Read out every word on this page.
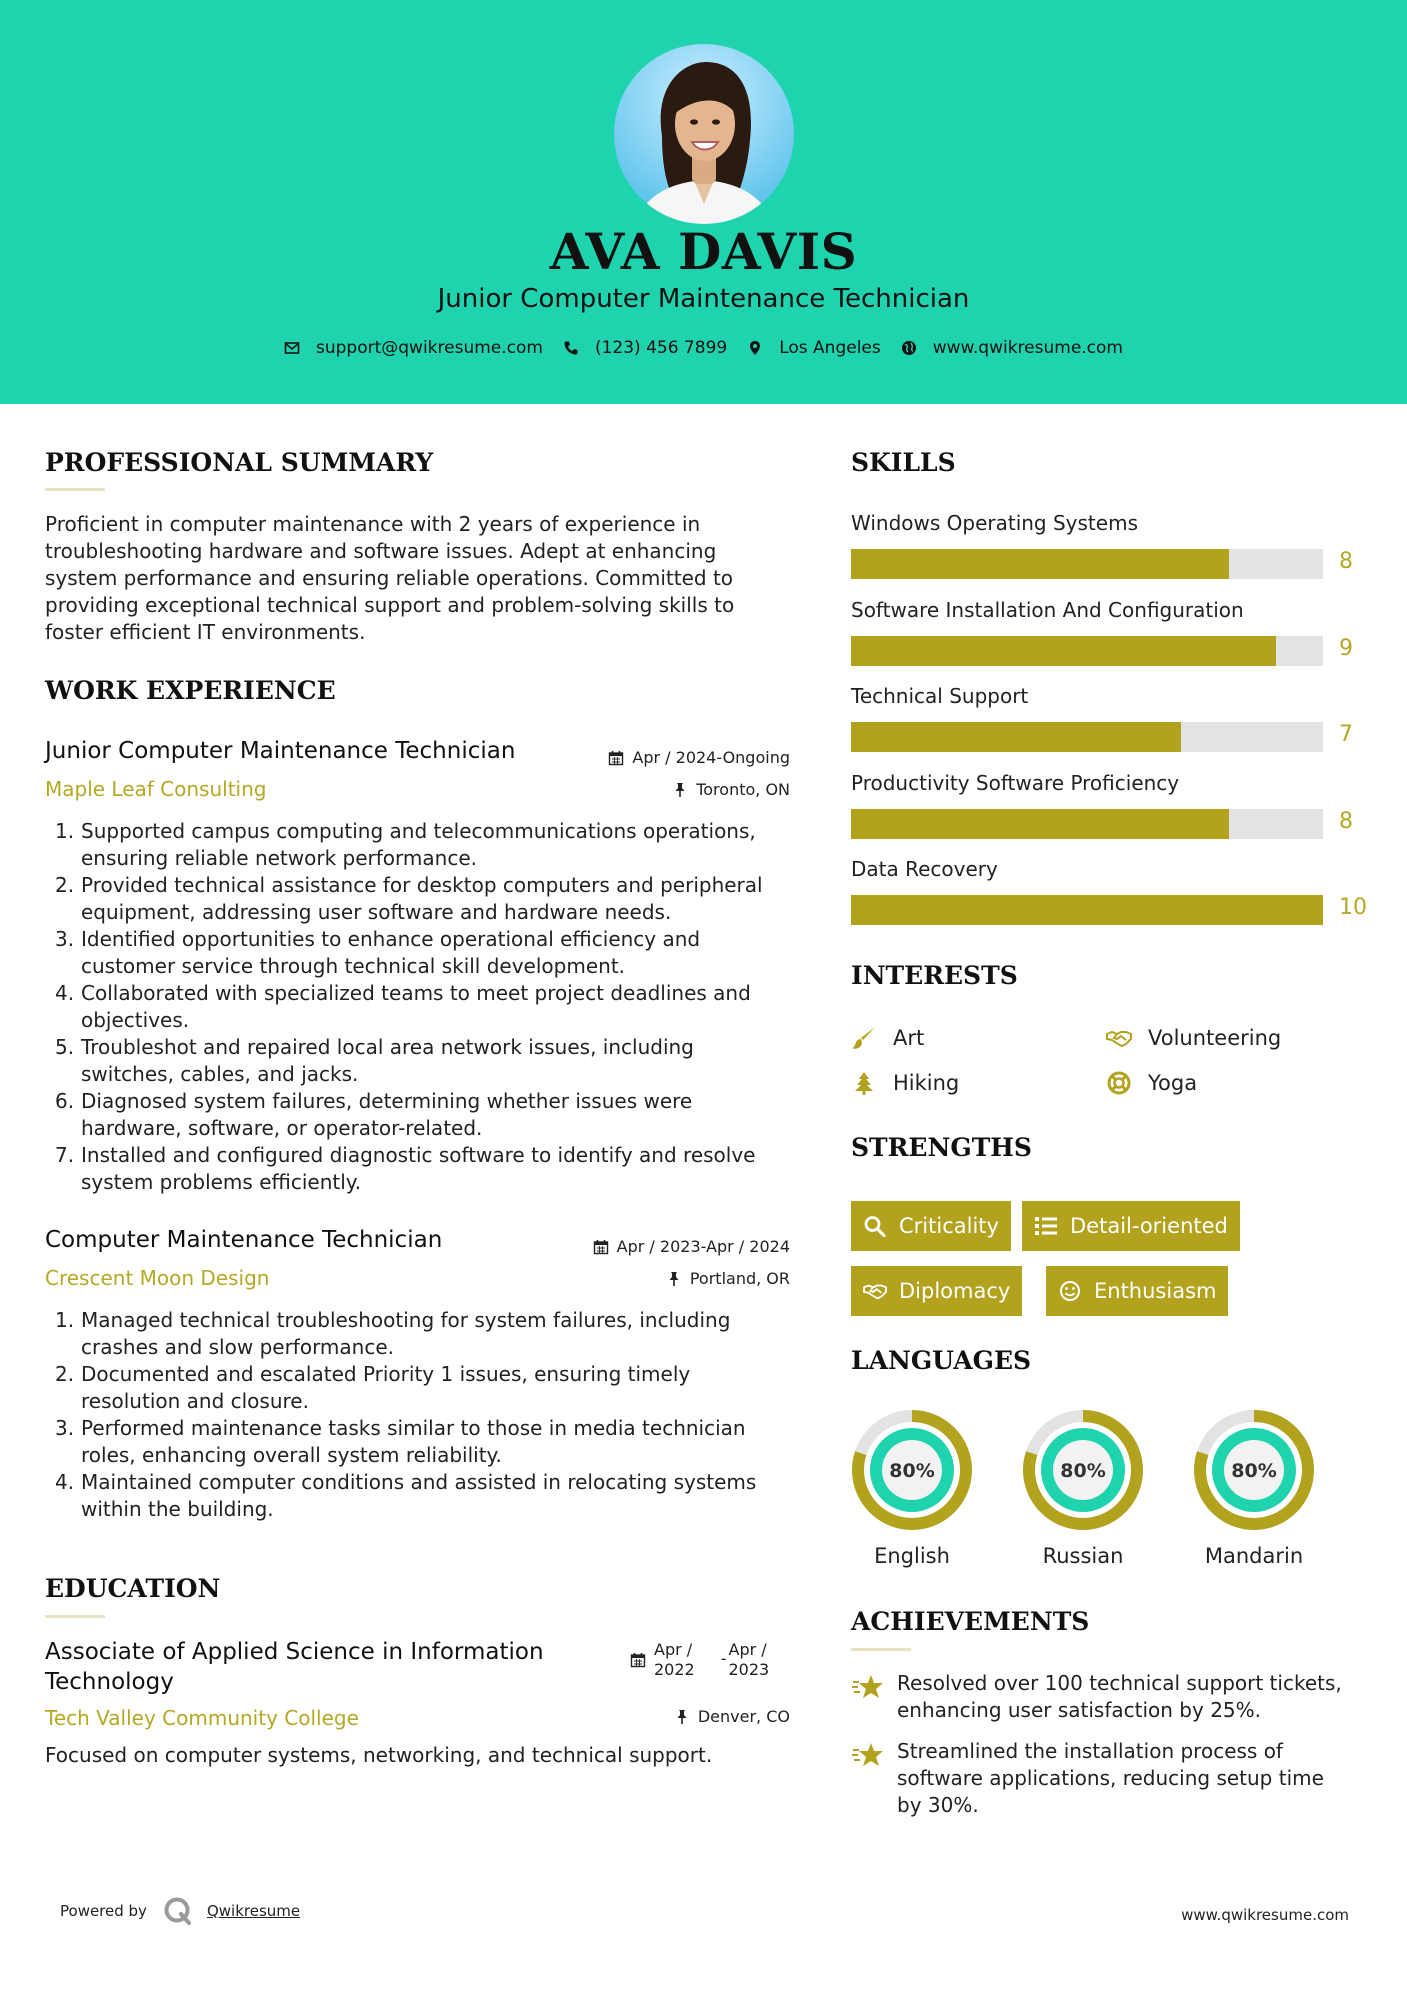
AVA DAVIS
Junior Computer Maintenance Technician
support@qwikresume.com	(123) 456 7899	Los Angeles	www.qwikresume.com
PROFESSIONAL SUMMARY
Proficient in computer maintenance with 2 years of experience in
troubleshooting hardware and software issues. Adept at enhancing
system performance and ensuring reliable operations. Committed to
providing exceptional technical support and problem-solving skills to
foster efficient IT environments.
WORK EXPERIENCE
Junior Computer Maintenance Technician	Apr / 2024-Ongoing
Maple Leaf Consulting	Toronto, ON
1. Supported campus computing and telecommunications operations,
ensuring reliable network performance.
2. Provided technical assistance for desktop computers and peripheral
equipment, addressing user software and hardware needs.
3. Identified opportunities to enhance operational efficiency and
customer service through technical skill development.
4. Collaborated with specialized teams to meet project deadlines and
objectives.
5. Troubleshot and repaired local area network issues, including
switches, cables, and jacks.
6. Diagnosed system failures, determining whether issues were
hardware, software, or operator-related.
7. Installed and configured diagnostic software to identify and resolve
system problems efficiently.
Computer Maintenance Technician	Apr / 2023-Apr / 2024
Crescent Moon Design	Portland, OR
1. Managed technical troubleshooting for system failures, including
crashes and slow performance.
2. Documented and escalated Priority 1 issues, ensuring timely
resolution and closure.
3. Performed maintenance tasks similar to those in media technician
roles, enhancing overall system reliability.
4. Maintained computer conditions and assisted in relocating systems
within the building.
EDUCATION
Associate of Applied Science in Information
Technology
Apr /
2022
- Apr /
2023
Tech Valley Community College	Denver, CO
Focused on computer systems, networking, and technical support.
SKILLS
Windows Operating Systems
8
Software Installation And Configuration
9
Technical Support
7
Productivity Software Proficiency
8
Data Recovery
10
INTERESTS
Art	Volunteering
Hiking	Yoga
STRENGTHS
Criticality	Detail-oriented
Diplomacy	Enthusiasm
LANGUAGES
80%
English
80%
Russian
80%
Mandarin
ACHIEVEMENTS
Resolved over 100 technical support tickets,
enhancing user satisfaction by 25%.
Streamlined the installation process of
software applications, reducing setup time
by 30%.
Powered by	Qwikresume	www.qwikresume.com
